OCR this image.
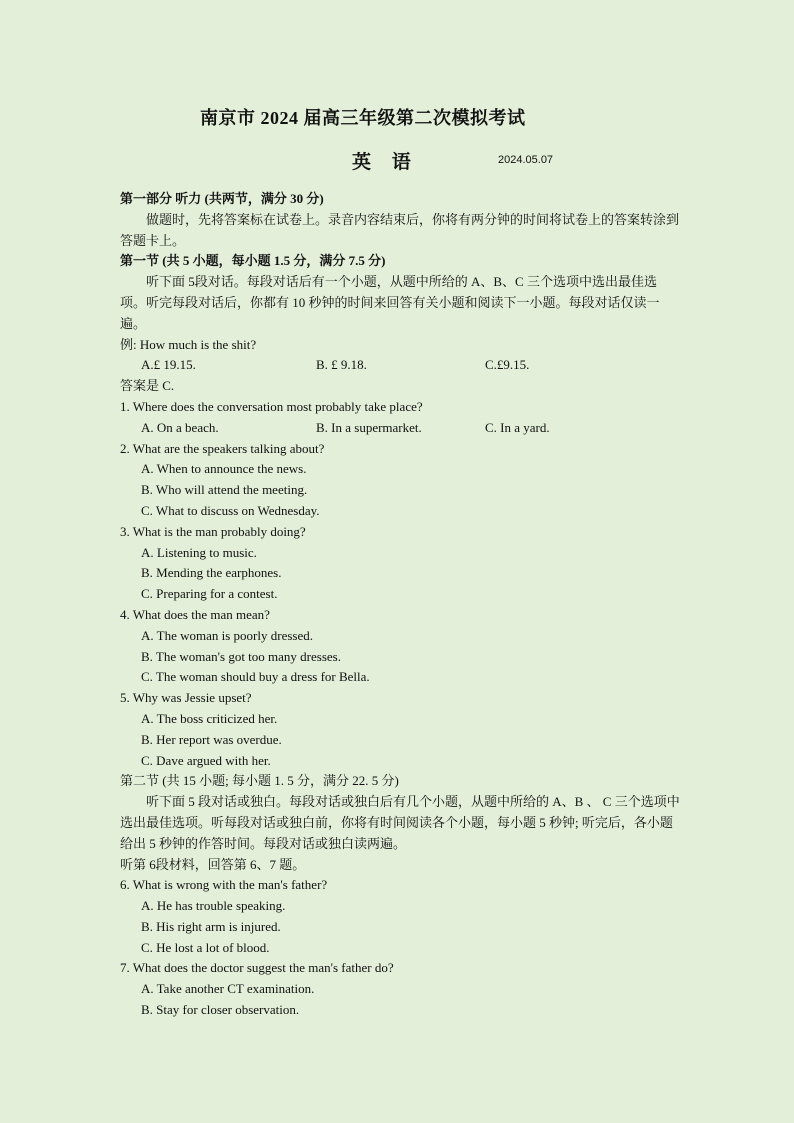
南京市 2024 届高三年级第二次模拟考试
英 语	2024.05.07

第一部分 听力 (共两节，满分 30 分)

做题时，先将答案标在试卷上。录音内容结束后，你将有两分钟的时间将试卷上的答案转涂到答题卡上。

第一节 (共 5 小题，每小题 1.5 分，满分 7.5 分)

听下面 5段对话。每段对话后有一个小题，从题中所给的 A、B、C 三个选项中选出最佳选项。听完每段对话后，你都有 10 秒钟的时间来回答有关小题和阅读下一小题。每段对话仅读一遍。

例: How much is the shit?

A.£ 19.15.	B. £ 9.18.	C.£9.15.

答案是 C.

1. Where does the conversation most probably take place?

A. On a beach.	B. In a supermarket.	C. In a yard.

2. What are the speakers talking about?

A. When to announce the news.

B. Who will attend the meeting.

C. What to discuss on Wednesday.

3. What is the man probably doing?

A. Listening to music.

B. Mending the earphones.

C. Preparing for a contest.

4. What does the man mean?

A. The woman is poorly dressed.

B. The woman's got too many dresses.

C. The woman should buy a dress for Bella.

5. Why was Jessie upset?

A. The boss criticized her.

B. Her report was overdue.

C. Dave argued with her.

第二节 (共 15 小题; 每小题 1. 5 分，满分 22. 5 分)

听下面 5 段对话或独白。每段对话或独白后有几个小题，从题中所给的 A、B 、 C 三个选项中选出最佳选项。听每段对话或独白前，你将有时间阅读各个小题，每小题 5 秒钟; 听完后，各小题给出 5 秒钟的作答时间。每段对话或独白读两遍。

听第 6段材料，回答第 6、7 题。

6. What is wrong with the man's father?

A. He has trouble speaking.

B. His right arm is injured.

C. He lost a lot of blood.

7. What does the doctor suggest the man's father do?

A. Take another CT examination.

B. Stay for closer observation.
